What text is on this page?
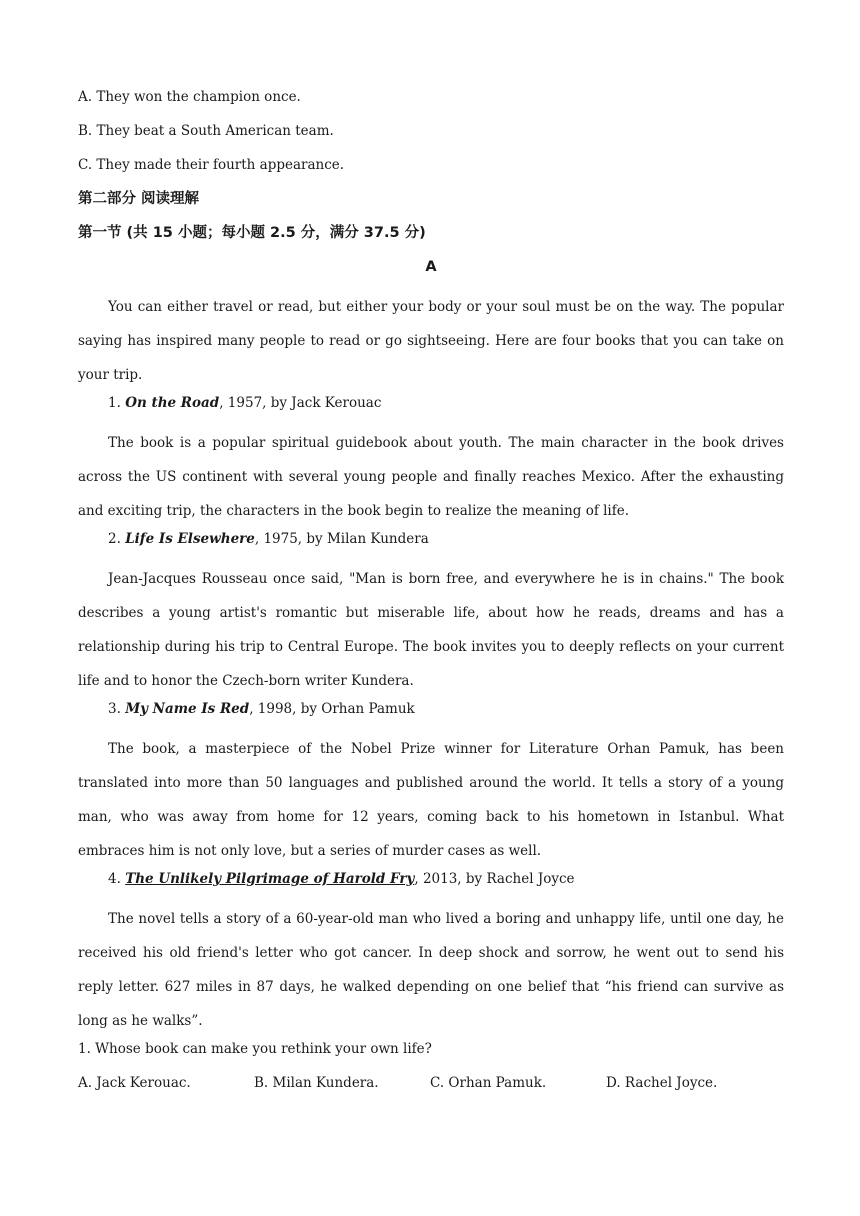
A. They won the champion once.
B. They beat a South American team.
C. They made their fourth appearance.
第二部分 阅读理解
第一节 (共 15 小题；每小题 2.5 分，满分 37.5 分)
A

You can either travel or read, but either your body or your soul must be on the way. The popular saying has inspired many people to read or go sightseeing. Here are four books that you can take on your trip.

1. On the Road, 1957, by Jack Kerouac

The book is a popular spiritual guidebook about youth. The main character in the book drives across the US continent with several young people and finally reaches Mexico. After the exhausting and exciting trip, the characters in the book begin to realize the meaning of life.

2. Life Is Elsewhere, 1975, by Milan Kundera

Jean-Jacques Rousseau once said, "Man is born free, and everywhere he is in chains." The book describes a young artist's romantic but miserable life, about how he reads, dreams and has a relationship during his trip to Central Europe. The book invites you to deeply reflects on your current life and to honor the Czech-born writer Kundera.

3. My Name Is Red, 1998, by Orhan Pamuk

The book, a masterpiece of the Nobel Prize winner for Literature Orhan Pamuk, has been translated into more than 50 languages and published around the world. It tells a story of a young man, who was away from home for 12 years, coming back to his hometown in Istanbul. What embraces him is not only love, but a series of murder cases as well.

4. The Unlikely Pilgrimage of Harold Fry, 2013, by Rachel Joyce

The novel tells a story of a 60-year-old man who lived a boring and unhappy life, until one day, he received his old friend's letter who got cancer. In deep shock and sorrow, he went out to send his reply letter. 627 miles in 87 days, he walked depending on one belief that “his friend can survive as long as he walks”.

1. Whose book can make you rethink your own life?
A. Jack Kerouac.	B. Milan Kundera.	C. Orhan Pamuk.	D. Rachel Joyce.
